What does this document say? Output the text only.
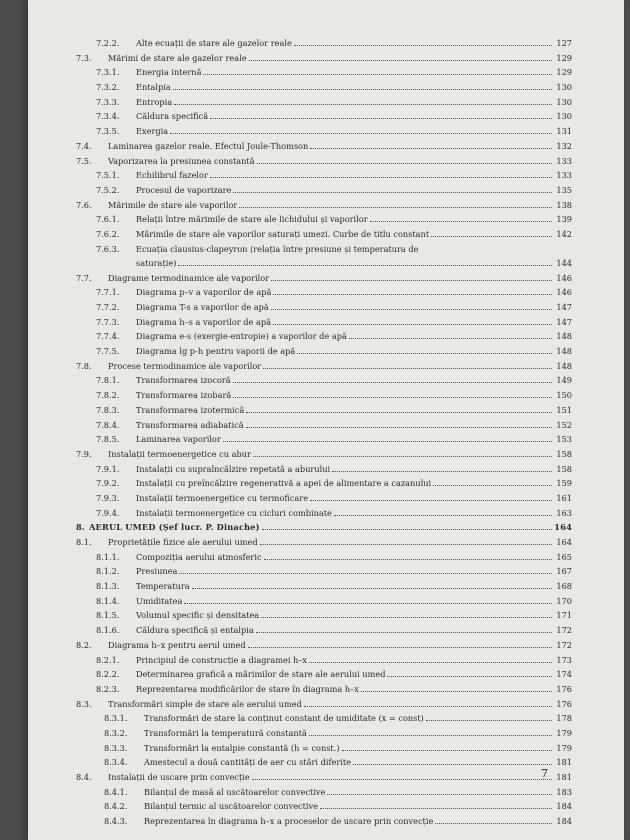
7.2.2.	Alte ecuații de stare ale gazelor reale	127
7.3.	Mărimi de stare ale gazelor reale	129
7.3.1.	Energia internă	129
7.3.2.	Entalpia	130
7.3.3.	Entropia	130
7.3.4.	Căldura specifică	130
7.3.5.	Exergia	131
7.4.	Laminarea gazelor reale. Efectul Joule-Thomson	132
7.5.	Vaporizarea la presiunea constantă	133
7.5.1.	Echilibrul fazelor	133
7.5.2.	Procesul de vaporizare	135
7.6.	Mărimile de stare ale vaporilor	138
7.6.1.	Relații între mărimile de stare ale lichidului și vaporilor	139
7.6.2.	Mărimile de stare ale vaporilor saturați umezi. Curbe de titlu constant	142
7.6.3.	Ecuația clausius-clapeyron (relația între presiune și temperatura de
saturație)	144
7.7.	Diagrame termodinamice ale vaporilor	146
7.7.1.	Diagrama p–v a vaporilor de apă	146
7.7.2.	Diagrama T-s a vaporilor de apă	147
7.7.3.	Diagrama h–s a vaporilor de apă	147
7.7.4.	Diagrama e-s (exergie-entropie) a vaporilor de apă	148
7.7.5.	Diagrama lg p-h pentru vaporii de apă	148
7.8.	Procese termodinamice ale vaporilor	148
7.8.1.	Transformarea izocoră	149
7.8.2.	Transformarea izobară	150
7.8.3.	Transformarea izotermică	151
7.8.4.	Transformarea adiabatică	152
7.8.5.	Laminarea vaporilor	153
7.9.	Instalații termoenergetice cu abur	158
7.9.1.	Instalații cu supraîncălzire repetată a aburului	158
7.9.2.	Instalații cu preîncălzire regenerativă a apei de alimentare a cazanului	159
7.9.3.	Instalații termoenergetice cu termoficare	161
7.9.4.	Instalații termoenergetice cu cicluri combinate	163
8. AERUL UMED (Șef lucr. P. Dinache)	164
8.1.	Proprietățile fizice ale aerului umed	164
8.1.1.	Compoziția aerului atmosferic	165
8.1.2.	Presiunea	167
8.1.3.	Temperatura	168
8.1.4.	Umiditatea	170
8.1.5.	Volumul specific și densitatea	171
8.1.6.	Căldura specifică și entalpia	172
8.2.	Diagrama h–x pentru aerul umed	172
8.2.1.	Principiul de construcție a diagramei h–x	173
8.2.2.	Determinarea grafică a mărimilor de stare ale aerului umed	174
8.2.3.	Reprezentarea modificărilor de stare în diagrama h–x	176
8.3.	Transformări simple de stare ale aerului umed	176
8.3.1.	Transformări de stare la conținut constant de umiditate (x = const)	178
8.3.2.	Transformări la temperatură constantă	179
8.3.3.	Transformări la entalpie constantă (h = const.)	179
8.3.4.	Amestecul a două cantități de aer cu stări diferite	181
8.4.	Instalații de uscare prin convecție	181
8.4.1.	Bilanțul de masă al uscătoarelor convective	183
8.4.2.	Bilanțul termic al uscătoarelor convective	184
8.4.3.	Reprezentarea în diagrama h–x a proceselor de uscare prin convecție	184
7
